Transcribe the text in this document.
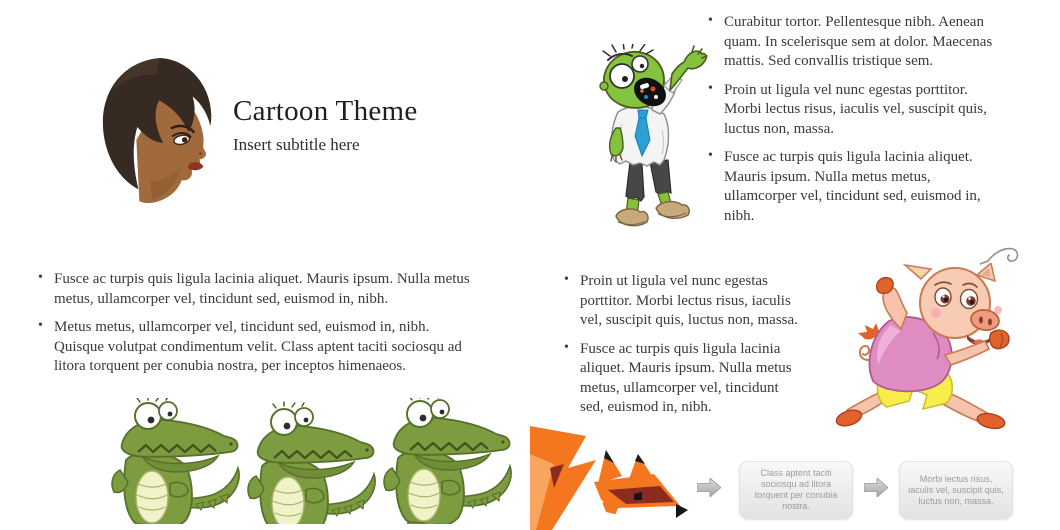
Cartoon Theme
Insert subtitle here
• Curabitur tortor. Pellentesque nibh. Aenean quam. In scelerisque sem at dolor. Maecenas mattis. Sed convallis tristique sem.
• Proin ut ligula vel nunc egestas porttitor. Morbi lectus risus, iaculis vel, suscipit quis, luctus non, massa.
• Fusce ac turpis quis ligula lacinia aliquet. Mauris ipsum. Nulla metus metus, ullamcorper vel, tincidunt sed, euismod in, nibh.
• Fusce ac turpis quis ligula lacinia aliquet. Mauris ipsum. Nulla metus metus, ullamcorper vel, tincidunt sed, euismod in, nibh.
• Metus metus, ullamcorper vel, tincidunt sed, euismod in, nibh. Quisque volutpat condimentum velit. Class aptent taciti sociosqu ad litora torquent per conubia nostra, per inceptos himenaeos.
• Proin ut ligula vel nunc egestas porttitor. Morbi lectus risus, iaculis vel, suscipit quis, luctus non, massa.
• Fusce ac turpis quis ligula lacinia aliquet. Mauris ipsum. Nulla metus metus, ullamcorper vel, tincidunt sed, euismod in, nibh.
Class aptent taciti sociosqu ad litora torquent per conubia nostra.
Morbi lectus risus, iaculis vel, suscipit quis, luctus non, massa.
